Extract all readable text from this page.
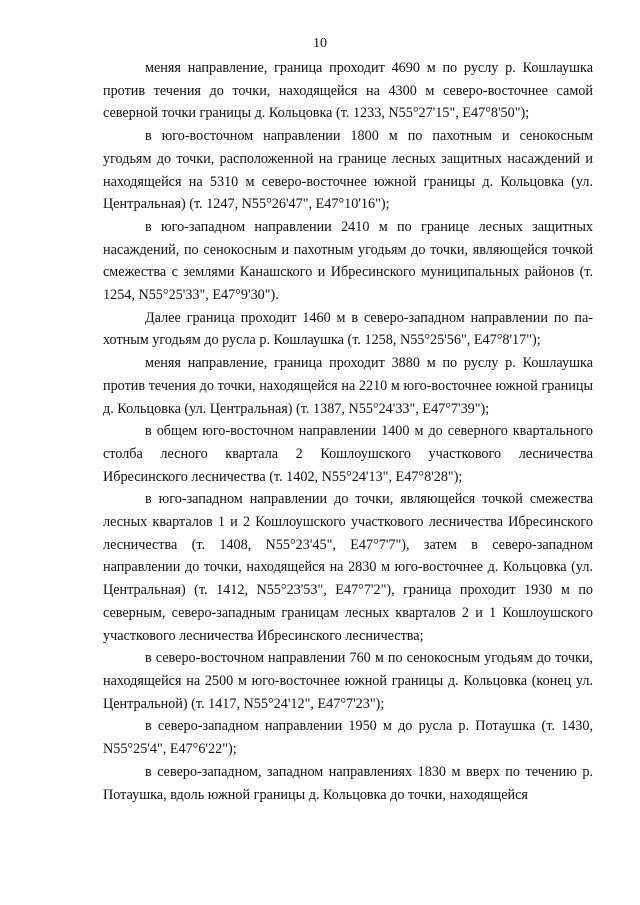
10

меняя направление, граница проходит 4690 м по руслу р. Кошлаушка против течения до точки, находящейся на 4300 м северо-восточнее самой северной точки границы д. Кольцовка (т. 1233, N55°27'15", E47°8'50");

в юго-восточном направлении 1800 м по пахотным и сенокосным угодьям до точки, расположенной на границе лесных защитных насаждений и находящейся на 5310 м северо-восточнее южной границы д. Кольцовка (ул. Центральная) (т. 1247, N55°26'47", E47°10'16");

в юго-западном направлении 2410 м по границе лесных защитных насаждений, по сенокосным и пахотным угодьям до точки, являющейся точкой смежества с землями Канашского и Ибресинского муниципальных районов (т. 1254, N55°25'33", E47°9'30").

Далее граница проходит 1460 м в северо-западном направлении по пахотным угодьям до русла р. Кошлаушка (т. 1258, N55°25'56", E47°8'17");

меняя направление, граница проходит 3880 м по руслу р. Кошлаушка против течения до точки, находящейся на 2210 м юго-восточнее южной границы д. Кольцовка (ул. Центральная) (т. 1387, N55°24'33", E47°7'39");

в общем юго-восточном направлении 1400 м до северного квартального столба лесного квартала 2 Кошлоушского участкового лесничества Ибресинского лесничества (т. 1402, N55°24'13", E47°8'28");

в юго-западном направлении до точки, являющейся точкой смежества лесных кварталов 1 и 2 Кошлоушского участкового лесничества Ибресинского лесничества (т. 1408, N55°23'45", E47°7'7"), затем в северо-западном направлении до точки, находящейся на 2830 м юго-восточнее д. Кольцовка (ул. Центральная) (т. 1412, N55°23'53", E47°7'2"), граница проходит 1930 м по северным, северо-западным границам лесных кварталов 2 и 1 Кошлоушского участкового лесничества Ибресинского лесничества;

в северо-восточном направлении 760 м по сенокосным угодьям до точки, находящейся на 2500 м юго-восточнее южной границы д. Кольцовка (конец ул. Центральной) (т. 1417, N55°24'12", E47°7'23");

в северо-западном направлении 1950 м до русла р. Потаушка (т. 1430, N55°25'4", E47°6'22");

в северо-западном, западном направлениях 1830 м вверх по течению р. Потаушка, вдоль южной границы д. Кольцовка до точки, находящейся
